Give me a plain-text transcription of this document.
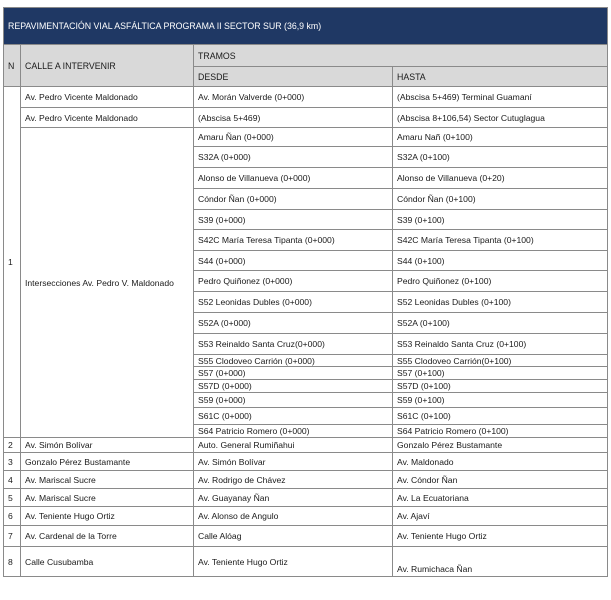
REPAVIMENTACIÓN VIAL ASFÁLTICA PROGRAMA II SECTOR SUR (36,9 km)			
N	CALLE A INTERVENIR	TRAMOS	
		DESDE	HASTA
1	Av. Pedro Vicente Maldonado	Av. Morán Valverde (0+000)	(Abscisa 5+469) Terminal Guamaní
	Av. Pedro Vicente Maldonado	(Abscisa 5+469)	(Abscisa 8+106,54) Sector Cutuglagua
	Intersecciones Av. Pedro V. Maldonado	Amaru Ñan (0+000)	Amaru Nañ (0+100)
		S32A (0+000)	S32A (0+100)
		Alonso de Villanueva (0+000)	Alonso de Villanueva (0+20)
		Cóndor Ñan (0+000)	Cóndor Ñan (0+100)
		S39 (0+000)	S39 (0+100)
		S42C María Teresa Tipanta (0+000)	S42C María Teresa Tipanta (0+100)
		S44 (0+000)	S44 (0+100)
		Pedro Quiñonez (0+000)	Pedro Quiñonez (0+100)
		S52 Leonidas Dubles (0+000)	S52 Leonidas Dubles (0+100)
		S52A (0+000)	S52A (0+100)
		S53 Reinaldo Santa Cruz(0+000)	S53 Reinaldo Santa Cruz (0+100)
		S55 Clodoveo Carrión (0+000)	S55 Clodoveo Carrión(0+100)
		S57 (0+000)	S57 (0+100)
		S57D (0+000)	S57D (0+100)
		S59 (0+000)	S59 (0+100)
		S61C (0+000)	S61C (0+100)
		S64 Patricio Romero (0+000)	S64 Patricio Romero (0+100)
2	Av. Simón Bolívar	Auto. General Rumiñahui	Gonzalo Pérez Bustamante
3	Gonzalo Pérez Bustamante	Av. Simón Bolívar	Av. Maldonado
4	Av. Mariscal Sucre	Av. Rodrigo de Chávez	Av. Cóndor Ñan
5	Av. Mariscal Sucre	Av. Guayanay Ñan	Av. La Ecuatoriana
6	Av. Teniente Hugo Ortiz	Av. Alonso de Angulo	Av. Ajaví
7	Av. Cardenal de la Torre	Calle Alóag	Av. Teniente Hugo Ortiz
8	Calle Cusubamba	Av. Teniente Hugo Ortiz	Av. Rumichaca Ñan
